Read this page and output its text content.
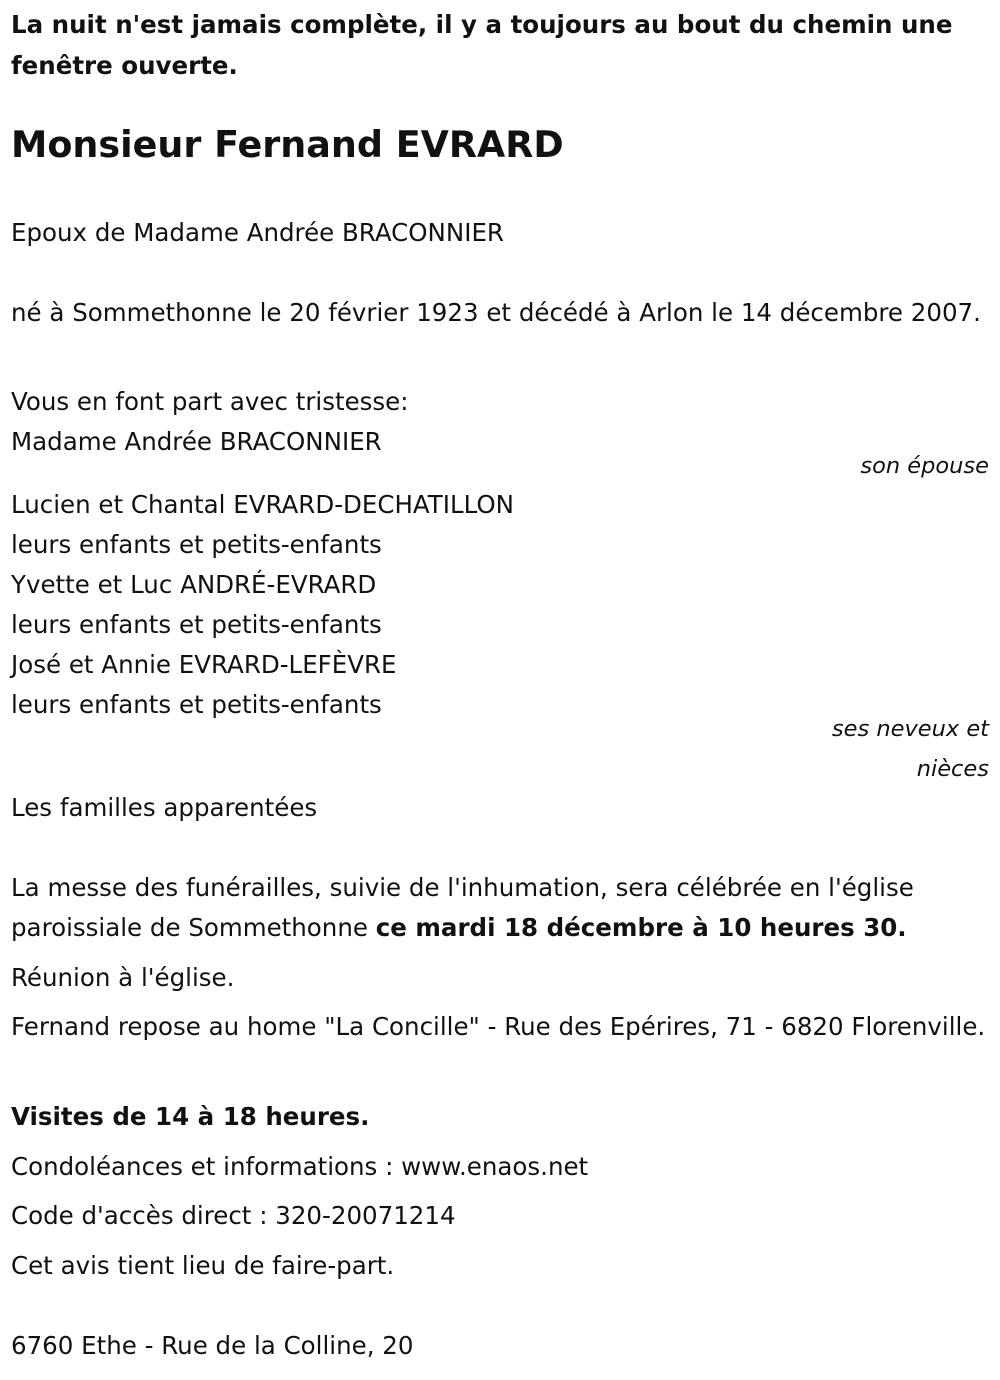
La nuit n'est jamais complète, il y a toujours au bout du chemin une fenêtre ouverte.

Monsieur Fernand EVRARD

Epoux de Madame Andrée BRACONNIER

né à Sommethonne le 20 février 1923 et décédé à Arlon le 14 décembre 2007.

Vous en font part avec tristesse:

Madame Andrée BRACONNIER

son épouse

Lucien et Chantal EVRARD-DECHATILLON

leurs enfants et petits-enfants

Yvette et Luc ANDRÉ-EVRARD

leurs enfants et petits-enfants

José et Annie EVRARD-LEFÈVRE

leurs enfants et petits-enfants

ses neveux et

nièces

Les familles apparentées

La messe des funérailles, suivie de l'inhumation, sera célébrée en l'église paroissiale de Sommethonne ce mardi 18 décembre à 10 heures 30.

Réunion à l'église.

Fernand repose au home "La Concille" - Rue des Epérires, 71 - 6820 Florenville.

Visites de 14 à 18 heures.

Condoléances et informations : www.enaos.net

Code d'accès direct : 320-20071214

Cet avis tient lieu de faire-part.

6760 Ethe - Rue de la Colline, 20
